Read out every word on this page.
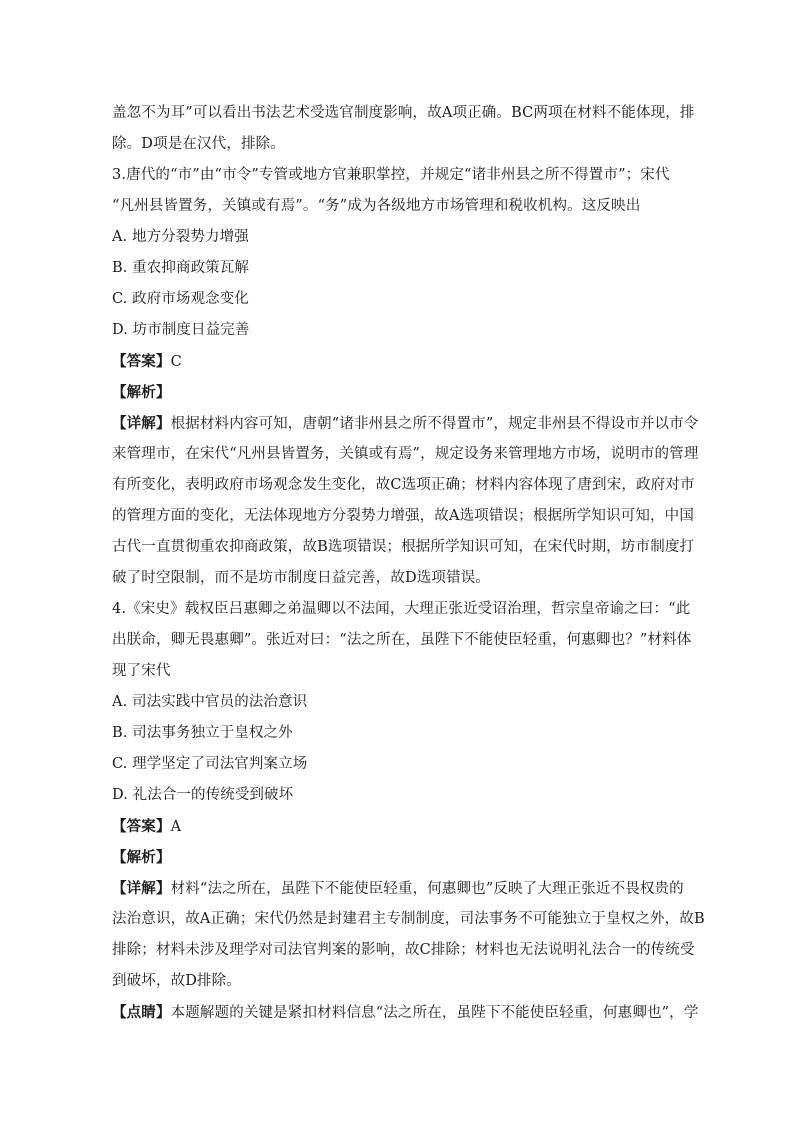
盖忽不为耳”可以看出书法艺术受选官制度影响，故A项正确。BC两项在材料不能体现，排
除。D项是在汉代，排除。
3.唐代的“市”由“市令”专管或地方官兼职掌控，并规定“诸非州县之所不得置市”；宋代
“凡州县皆置务，关镇或有焉”。“务”成为各级地方市场管理和税收机构。这反映出
A. 地方分裂势力增强
B. 重农抑商政策瓦解
C. 政府市场观念变化
D. 坊市制度日益完善
【答案】C
【解析】
【详解】根据材料内容可知，唐朝“诸非州县之所不得置市”，规定非州县不得设市并以市令
来管理市，在宋代“凡州县皆置务，关镇或有焉”，规定设务来管理地方市场，说明市的管理
有所变化，表明政府市场观念发生变化，故C选项正确；材料内容体现了唐到宋，政府对市
的管理方面的变化，无法体现地方分裂势力增强，故A选项错误；根据所学知识可知，中国
古代一直贯彻重农抑商政策，故B选项错误；根据所学知识可知，在宋代时期，坊市制度打
破了时空限制，而不是坊市制度日益完善，故D选项错误。
4.《宋史》载权臣吕惠卿之弟温卿以不法闻，大理正张近受诏治理，哲宗皇帝谕之曰：“此
出朕命，卿无畏惠卿”。张近对曰：“法之所在，虽陛下不能使臣轻重，何惠卿也？”材料体
现了宋代
A. 司法实践中官员的法治意识
B. 司法事务独立于皇权之外
C. 理学坚定了司法官判案立场
D. 礼法合一的传统受到破坏
【答案】A
【解析】
【详解】材料“法之所在，虽陛下不能使臣轻重，何惠卿也”反映了大理正张近不畏权贵的
法治意识，故A正确；宋代仍然是封建君主专制制度，司法事务不可能独立于皇权之外，故B
排除；材料未涉及理学对司法官判案的影响，故C排除；材料也无法说明礼法合一的传统受
到破坏，故D排除。
【点睛】本题解题的关键是紧扣材料信息“法之所在，虽陛下不能使臣轻重，何惠卿也”，学
